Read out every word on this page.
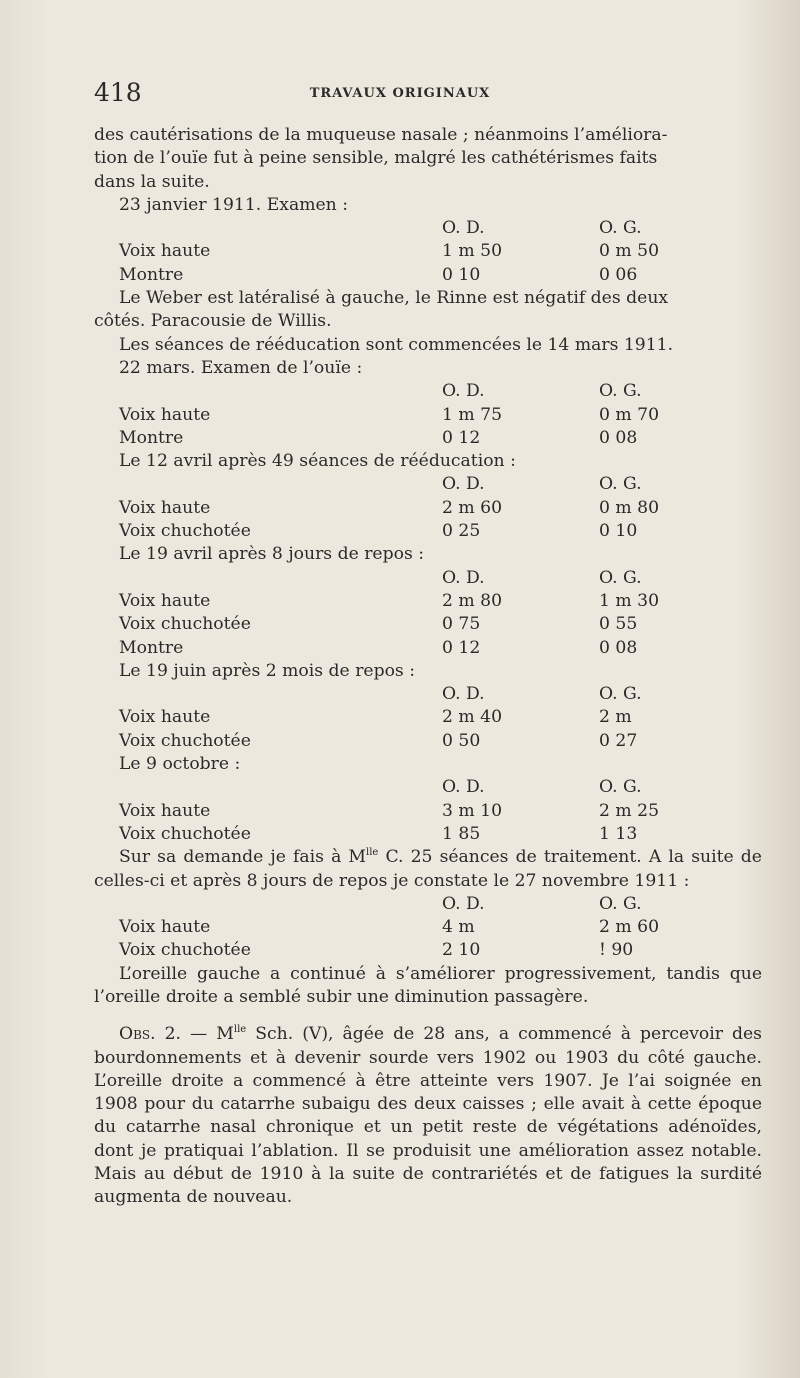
418	TRAVAUX ORIGINAUX
des cautérisations de la muqueuse nasale ; néanmoins l’améliora-
tion de l’ouïe fut à peine sensible, malgré les cathétérismes faits
dans la suite.
23 janvier 1911. Examen :
O. D.	O. G.
Voix haute	1 m 50	0 m 50
Montre	0 10	0 06
Le Weber est latéralisé à gauche, le Rinne est négatif des deux
côtés. Paracousie de Willis.
Les séances de rééducation sont commencées le 14 mars 1911.
22 mars. Examen de l’ouïe :
O. D.	O. G.
Voix haute	1 m 75	0 m 70
Montre	0 12	0 08
Le 12 avril après 49 séances de rééducation :
O. D.	O. G.
Voix haute	2 m 60	0 m 80
Voix chuchotée	0 25	0 10
Le 19 avril après 8 jours de repos :
O. D.	O. G.
Voix haute	2 m 80	1 m 30
Voix chuchotée	0 75	0 55
Montre	0 12	0 08
Le 19 juin après 2 mois de repos :
O. D.	O. G.
Voix haute	2 m 40	2 m
Voix chuchotée	0 50	0 27
Le 9 octobre :
O. D.	O. G.
Voix haute	3 m 10	2 m 25
Voix chuchotée	1 85	1 13

Sur sa demande je fais à $M^{lle}$ C. 25 séances de traitement. A la suite de celles-ci et après 8 jours de repos je constate le 27 novembre 1911 :

O. D.	O. G.
Voix haute	4 m	2 m 60
Voix chuchotée	2 10	! 90

L’oreille gauche a continué à s’améliorer progressivement, tandis que l’oreille droite a semblé subir une diminution passagère.

Obs. 2. — $M^{lle}$ Sch. (V), âgée de 28 ans, a commencé à percevoir des bourdonnements et à devenir sourde vers 1902 ou 1903 du côté gauche. L’oreille droite a commencé à être atteinte vers 1907. Je l’ai soignée en 1908 pour du catarrhe subaigu des deux caisses ; elle avait à cette époque du catarrhe nasal chronique et un petit reste de végétations adénoïdes, dont je pratiquai l’ablation. Il se produisit une amélioration assez notable. Mais au début de 1910 à la suite de contrariétés et de fatigues la surdité augmenta de nouveau.
